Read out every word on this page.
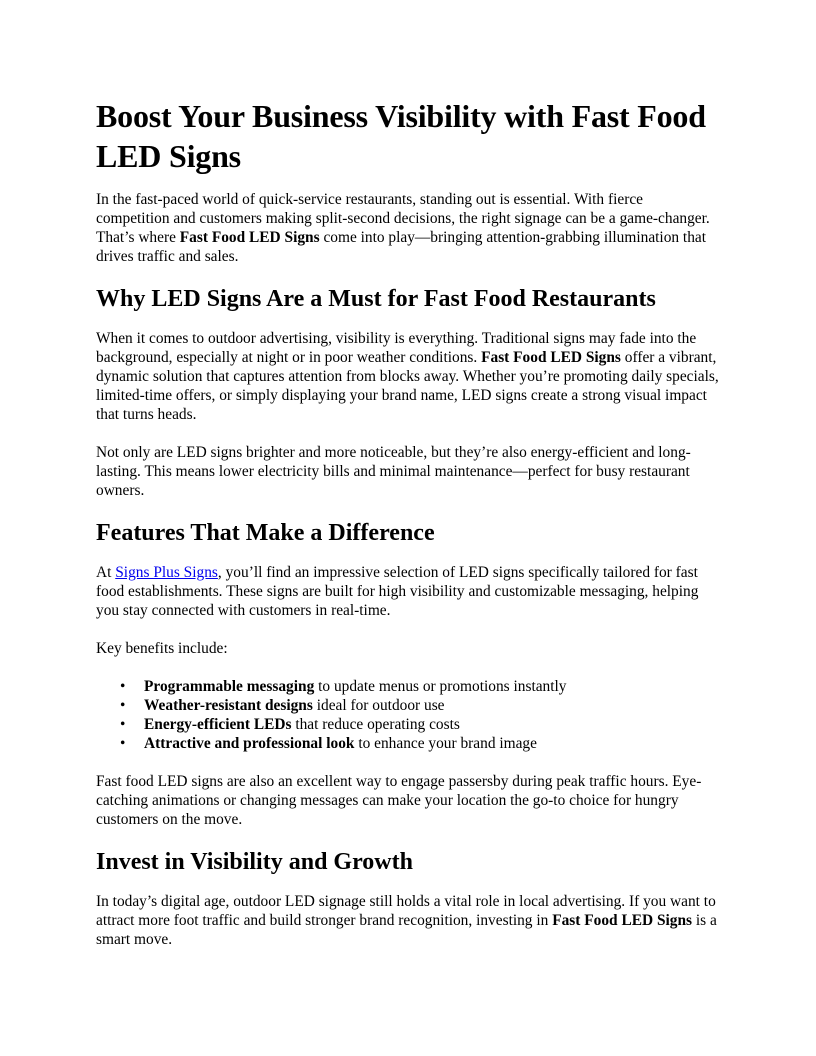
Boost Your Business Visibility with Fast Food LED Signs

In the fast-paced world of quick-service restaurants, standing out is essential. With fierce competition and customers making split-second decisions, the right signage can be a game-changer. That’s where Fast Food LED Signs come into play—bringing attention-grabbing illumination that drives traffic and sales.

Why LED Signs Are a Must for Fast Food Restaurants

When it comes to outdoor advertising, visibility is everything. Traditional signs may fade into the background, especially at night or in poor weather conditions. Fast Food LED Signs offer a vibrant, dynamic solution that captures attention from blocks away. Whether you’re promoting daily specials, limited-time offers, or simply displaying your brand name, LED signs create a strong visual impact that turns heads.

Not only are LED signs brighter and more noticeable, but they’re also energy-efficient and long-lasting. This means lower electricity bills and minimal maintenance—perfect for busy restaurant owners.

Features That Make a Difference

At Signs Plus Signs, you’ll find an impressive selection of LED signs specifically tailored for fast food establishments. These signs are built for high visibility and customizable messaging, helping you stay connected with customers in real-time.

Key benefits include:

• Programmable messaging to update menus or promotions instantly
• Weather-resistant designs ideal for outdoor use
• Energy-efficient LEDs that reduce operating costs
• Attractive and professional look to enhance your brand image

Fast food LED signs are also an excellent way to engage passersby during peak traffic hours. Eye-catching animations or changing messages can make your location the go-to choice for hungry customers on the move.

Invest in Visibility and Growth

In today’s digital age, outdoor LED signage still holds a vital role in local advertising. If you want to attract more foot traffic and build stronger brand recognition, investing in Fast Food LED Signs is a smart move.
